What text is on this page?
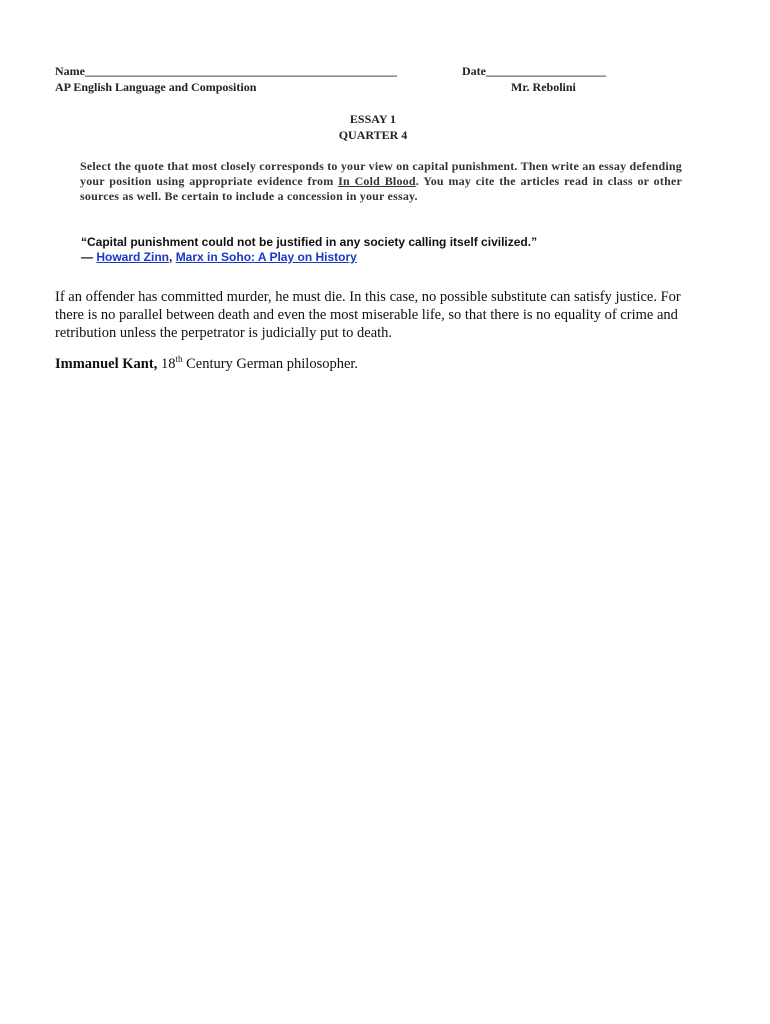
Name____________________________________________________	Date____________________
AP English Language and Composition	Mr. Rebolini
ESSAY 1
QUARTER 4
Select the quote that most closely corresponds to your view on capital punishment. Then write an essay defending your position using appropriate evidence from In Cold Blood. You may cite the articles read in class or other sources as well. Be certain to include a concession in your essay.
“Capital punishment could not be justified in any society calling itself civilized.”
— Howard Zinn, Marx in Soho: A Play on History
If an offender has committed murder, he must die. In this case, no possible substitute can satisfy justice. For there is no parallel between death and even the most miserable life, so that there is no equality of crime and retribution unless the perpetrator is judicially put to death.
Immanuel Kant, 18th Century German philosopher.
